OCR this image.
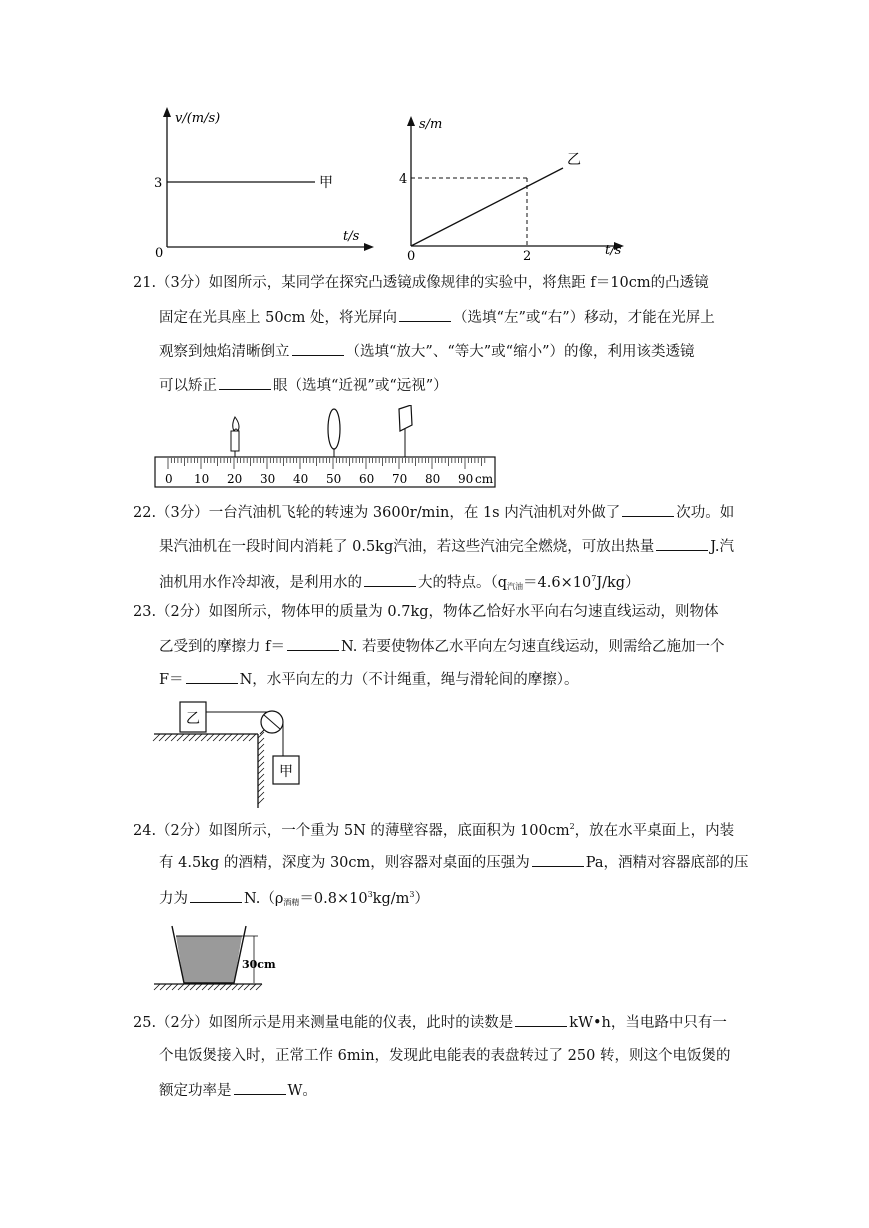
v/(m/s)
t/s
0
3	甲
s/m
t/s
0
4
2
乙
21.（3分）如图所示，某同学在探究凸透镜成像规律的实验中，将焦距 f＝10cm的凸透镜
固定在光具座上 50cm 处，将光屏向	（选填“左”或“右”）移动，才能在光屏上
观察到烛焰清晰倒立	（选填“放大”、“等大”或“缩小”）的像，利用该类透镜
可以矫正	眼（选填“近视”或“远视”）
0 10 20 30 40 50 60 70 80 90 cm
22.（3分）一台汽油机飞轮的转速为 3600r/min，在 1s 内汽油机对外做了	次功。如
果汽油机在一段时间内消耗了 0.5kg汽油，若这些汽油完全燃烧，可放出热量	J.汽
油机用水作冷却液，是利用水的	大的特点。$(q_{汽油}=4.6\times 10^7J/kg)$
23.（2分）如图所示，物体甲的质量为 0.7kg，物体乙恰好水平向右匀速直线运动，则物体
乙受到的摩擦力 f＝	N. 若要使物体乙水平向左匀速直线运动，则需给乙施加一个
F＝	N，水平向左的力（不计绳重，绳与滑轮间的摩擦）。
乙
甲
24.（2分）如图所示，一个重为 5N 的薄壁容器，底面积为 $100cm^2$，放在水平桌面上，内装
有 4.5kg 的酒精，深度为 30cm，则容器对桌面的压强为	Pa，酒精对容器底部的压
力为	$N.(\rho_{酒精}=0.8\times 10^3kg/m^3)$
30cm
25.（2分）如图所示是用来测量电能的仪表，此时的读数是	kW•h，当电路中只有一
个电饭煲接入时，正常工作 6min，发现此电能表的表盘转过了 250 转，则这个电饭煲的
额定功率是	W。
